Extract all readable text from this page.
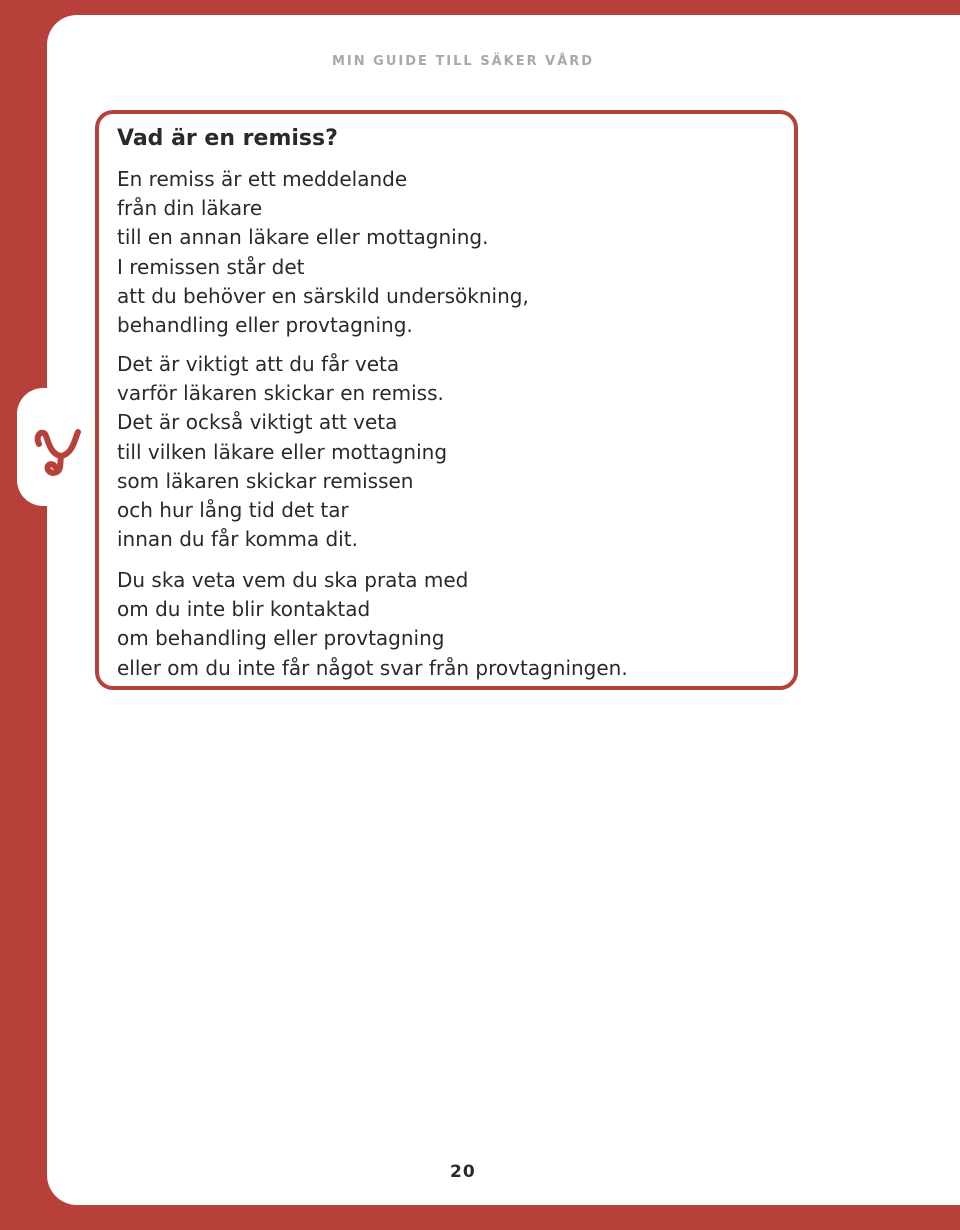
MIN GUIDE TILL SÄKER VÅRD
Vad är en remiss?

En remiss är ett meddelande
från din läkare
till en annan läkare eller mottagning.
I remissen står det
att du behöver en särskild undersökning,
behandling eller provtagning.

Det är viktigt att du får veta
varför läkaren skickar en remiss.
Det är också viktigt att veta
till vilken läkare eller mottagning
som läkaren skickar remissen
och hur lång tid det tar
innan du får komma dit.

Du ska veta vem du ska prata med
om du inte blir kontaktad
om behandling eller provtagning
eller om du inte får något svar från provtagningen.

20
